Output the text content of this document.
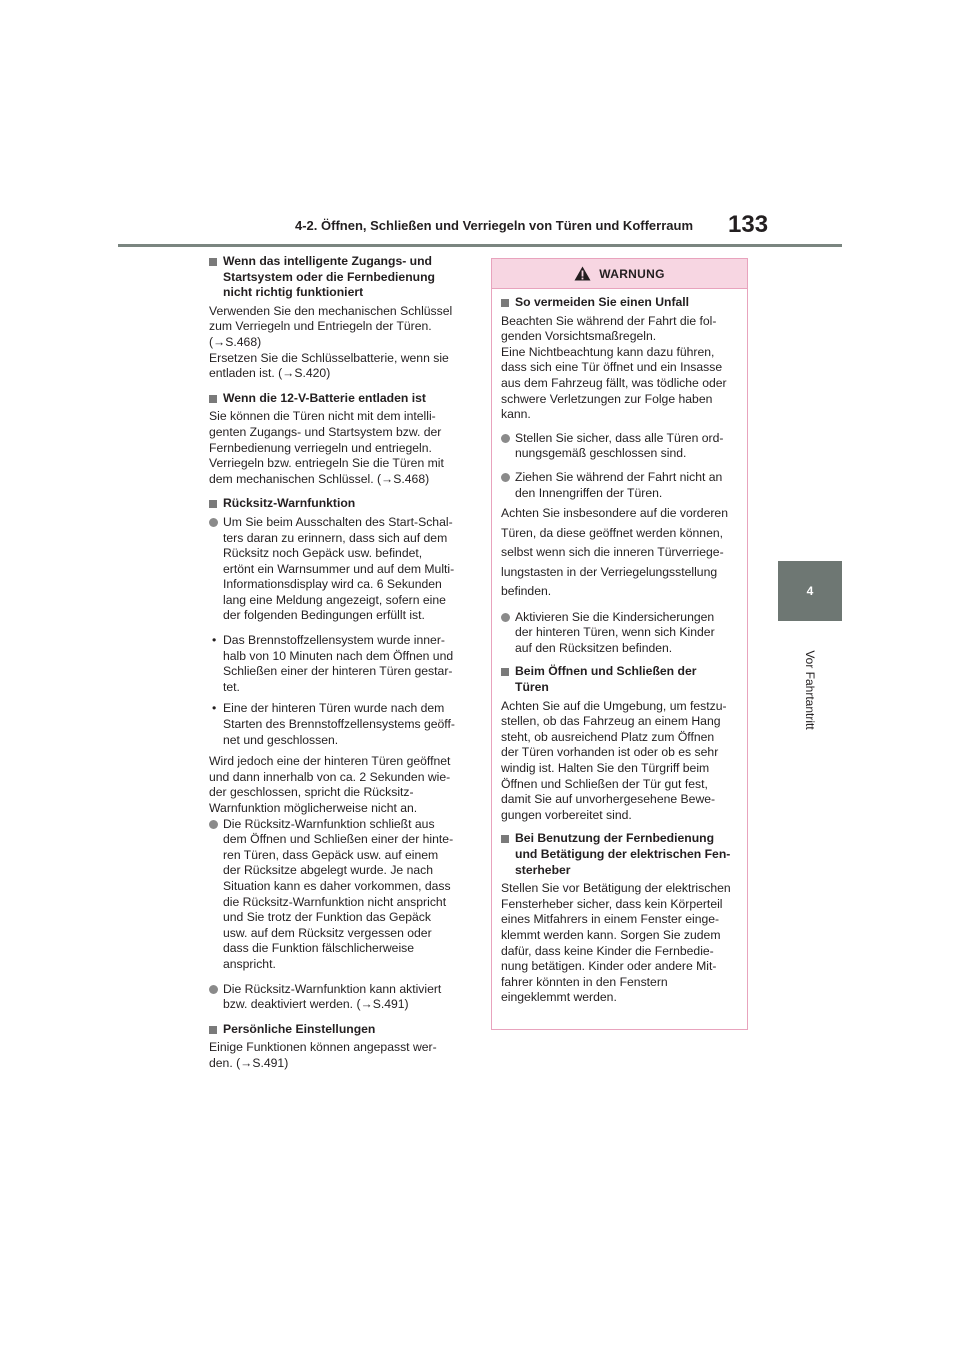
4-2. Öffnen, Schließen und Verriegeln von Türen und Kofferraum 133
4
Vor Fahrtantritt
Wenn das intelligente Zugangs- und
Startsystem oder die Fernbedienung
nicht richtig funktioniert
Verwenden Sie den mechanischen Schlüssel
zum Verriegeln und Entriegeln der Türen.
(→S.468)
Ersetzen Sie die Schlüsselbatterie, wenn sie
entladen ist. (→S.420)
Wenn die 12-V-Batterie entladen ist
Sie können die Türen nicht mit dem intelli-
genten Zugangs- und Startsystem bzw. der
Fernbedienung verriegeln und entriegeln.
Verriegeln bzw. entriegeln Sie die Türen mit
dem mechanischen Schlüssel. (→S.468)
Rücksitz-Warnfunktion
Um Sie beim Ausschalten des Start-Schal-
ters daran zu erinnern, dass sich auf dem
Rücksitz noch Gepäck usw. befindet,
ertönt ein Warnsummer und auf dem Multi-
Informationsdisplay wird ca. 6 Sekunden
lang eine Meldung angezeigt, sofern eine
der folgenden Bedingungen erfüllt ist.
• Das Brennstoffzellensystem wurde inner-
halb von 10 Minuten nach dem Öffnen und
Schließen einer der hinteren Türen gestar-
tet.
• Eine der hinteren Türen wurde nach dem
Starten des Brennstoffzellensystems geöff-
net und geschlossen.
Wird jedoch eine der hinteren Türen geöffnet
und dann innerhalb von ca. 2 Sekunden wie-
der geschlossen, spricht die Rücksitz-
Warnfunktion möglicherweise nicht an.
Die Rücksitz-Warnfunktion schließt aus
dem Öffnen und Schließen einer der hinte-
ren Türen, dass Gepäck usw. auf einem
der Rücksitze abgelegt wurde. Je nach
Situation kann es daher vorkommen, dass
die Rücksitz-Warnfunktion nicht anspricht
und Sie trotz der Funktion das Gepäck
usw. auf dem Rücksitz vergessen oder
dass die Funktion fälschlicherweise
anspricht.
Die Rücksitz-Warnfunktion kann aktiviert
bzw. deaktiviert werden. (→S.491)
Persönliche Einstellungen
Einige Funktionen können angepasst wer-
den. (→S.491)
WARNUNG
So vermeiden Sie einen Unfall
Beachten Sie während der Fahrt die fol-
genden Vorsichtsmaßregeln.
Eine Nichtbeachtung kann dazu führen,
dass sich eine Tür öffnet und ein Insasse
aus dem Fahrzeug fällt, was tödliche oder
schwere Verletzungen zur Folge haben
kann.
Stellen Sie sicher, dass alle Türen ord-
nungsgemäß geschlossen sind.
Ziehen Sie während der Fahrt nicht an
den Innengriffen der Türen.
Achten Sie insbesondere auf die vorderen
Türen, da diese geöffnet werden können,
selbst wenn sich die inneren Türverriege-
lungstasten in der Verriegelungsstellung
befinden.
Aktivieren Sie die Kindersicherungen
der hinteren Türen, wenn sich Kinder
auf den Rücksitzen befinden.
Beim Öffnen und Schließen der
Türen
Achten Sie auf die Umgebung, um festzu-
stellen, ob das Fahrzeug an einem Hang
steht, ob ausreichend Platz zum Öffnen
der Türen vorhanden ist oder ob es sehr
windig ist. Halten Sie den Türgriff beim
Öffnen und Schließen der Tür gut fest,
damit Sie auf unvorhergesehene Bewe-
gungen vorbereitet sind.
Bei Benutzung der Fernbedienung
und Betätigung der elektrischen Fen-
sterheber
Stellen Sie vor Betätigung der elektrischen
Fensterheber sicher, dass kein Körperteil
eines Mitfahrers in einem Fenster einge-
klemmt werden kann. Sorgen Sie zudem
dafür, dass keine Kinder die Fernbedie-
nung betätigen. Kinder oder andere Mit-
fahrer könnten in den Fenstern
eingeklemmt werden.
